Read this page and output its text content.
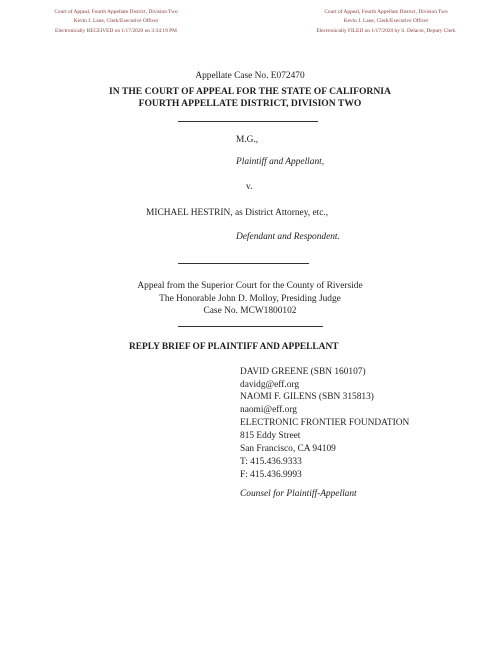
Court of Appeal, Fourth Appellate District, Division Two
Kevin J. Lane, Clerk/Executive Officer
Electronically RECEIVED on 1/17/2020 on 3:34:19 PM
Court of Appeal, Fourth Appellate District, Division Two
Kevin J. Lane, Clerk/Executive Officer
Electronically FILED on 1/17/2020 by S. Delacm, Deputy Clerk
Appellate Case No. E072470
IN THE COURT OF APPEAL FOR THE STATE OF CALIFORNIA
FOURTH APPELLATE DISTRICT, DIVISION TWO
M.G.,
Plaintiff and Appellant,
v.
MICHAEL HESTRIN, as District Attorney, etc.,
Defendant and Respondent.
Appeal from the Superior Court for the County of Riverside
The Honorable John D. Molloy, Presiding Judge
Case No. MCW1800102
REPLY BRIEF OF PLAINTIFF AND APPELLANT
DAVID GREENE (SBN 160107)
davidg@eff.org
NAOMI F. GILENS (SBN 315813)
naomi@eff.org
ELECTRONIC FRONTIER FOUNDATION
815 Eddy Street
San Francisco, CA 94109
T: 415.436.9333
F: 415.436.9993
Counsel for Plaintiff-Appellant
